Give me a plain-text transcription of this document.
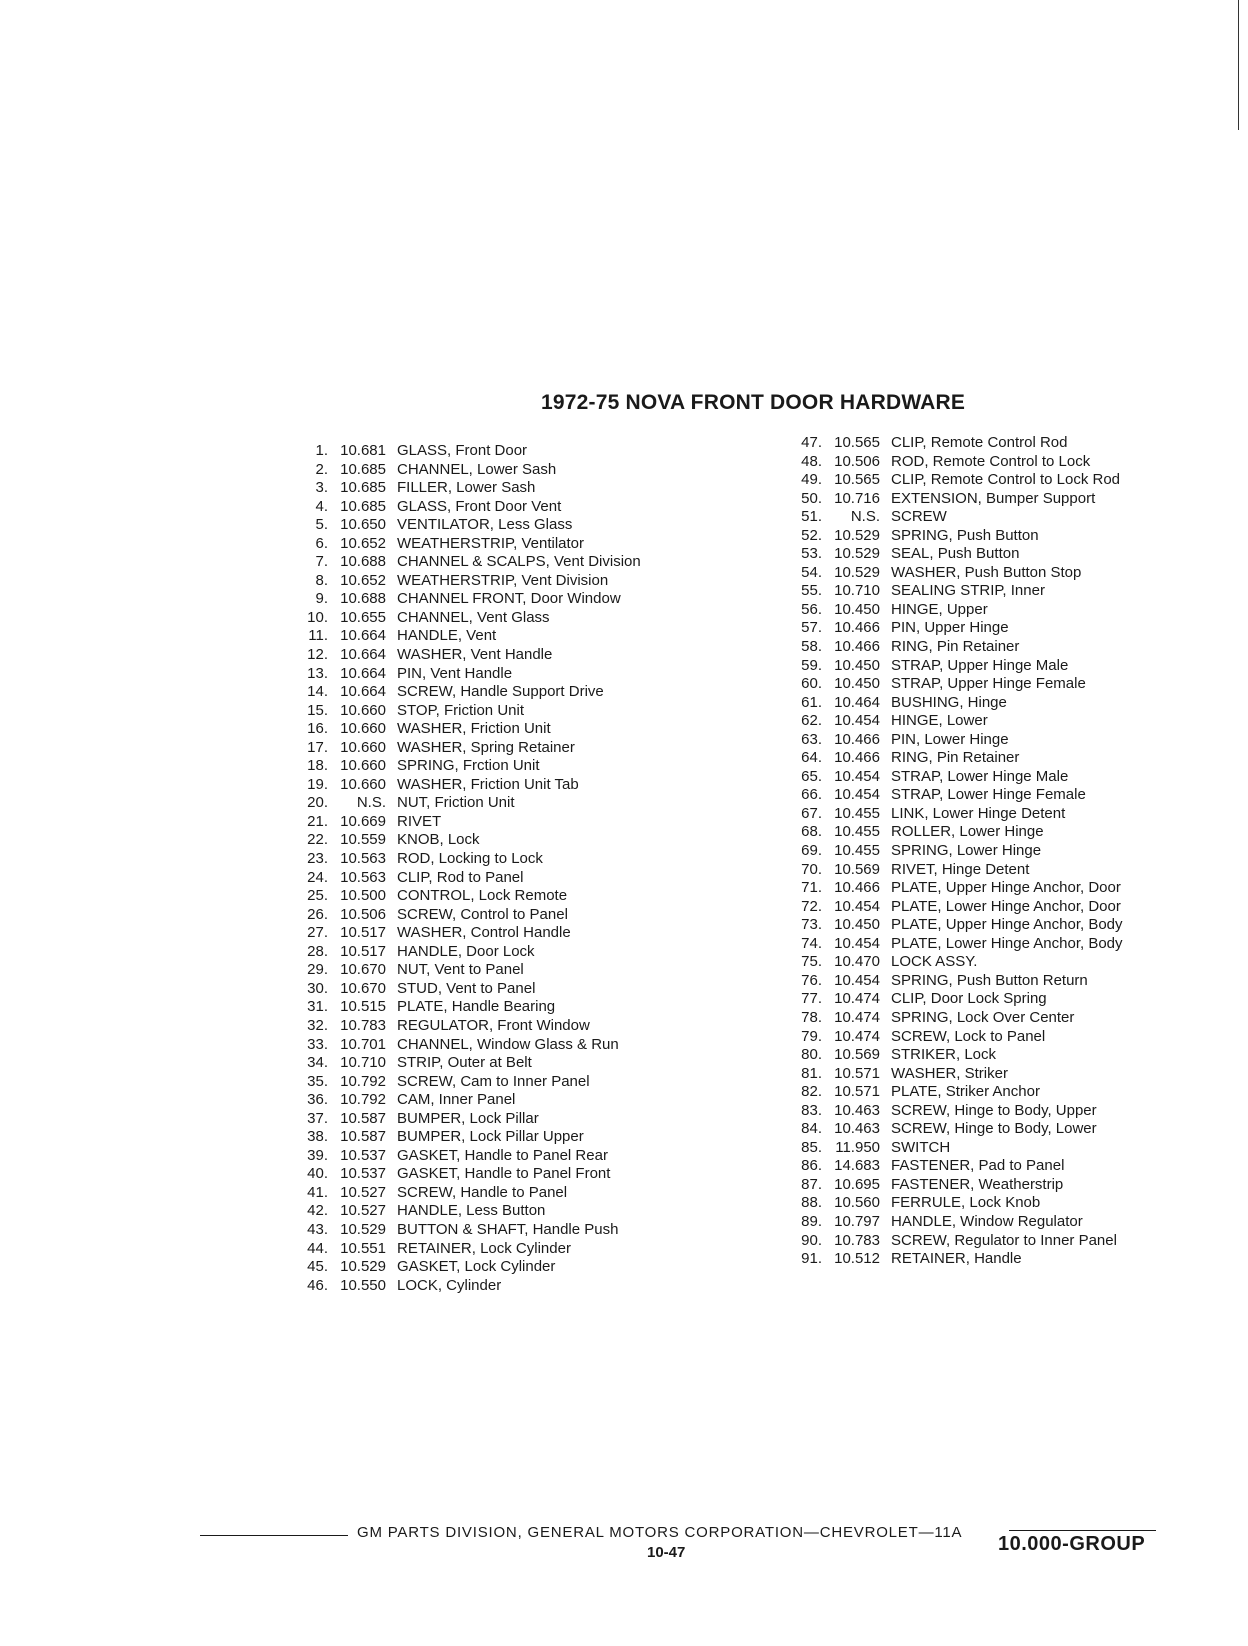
1972-75 NOVA FRONT DOOR HARDWARE
1. 10.681 GLASS, Front Door
2. 10.685 CHANNEL, Lower Sash
3. 10.685 FILLER, Lower Sash
4. 10.685 GLASS, Front Door Vent
5. 10.650 VENTILATOR, Less Glass
6. 10.652 WEATHERSTRIP, Ventilator
7. 10.688 CHANNEL & SCALPS, Vent Division
8. 10.652 WEATHERSTRIP, Vent Division
9. 10.688 CHANNEL FRONT, Door Window
10. 10.655 CHANNEL, Vent Glass
11. 10.664 HANDLE, Vent
12. 10.664 WASHER, Vent Handle
13. 10.664 PIN, Vent Handle
14. 10.664 SCREW, Handle Support Drive
15. 10.660 STOP, Friction Unit
16. 10.660 WASHER, Friction Unit
17. 10.660 WASHER, Spring Retainer
18. 10.660 SPRING, Frction Unit
19. 10.660 WASHER, Friction Unit Tab
20.	N.S. NUT, Friction Unit
21. 10.669 RIVET
22. 10.559 KNOB, Lock
23. 10.563 ROD, Locking to Lock
24. 10.563 CLIP, Rod to Panel
25. 10.500 CONTROL, Lock Remote
26. 10.506 SCREW, Control to Panel
27. 10.517 WASHER, Control Handle
28. 10.517 HANDLE, Door Lock
29. 10.670 NUT, Vent to Panel
30. 10.670 STUD, Vent to Panel
31. 10.515 PLATE, Handle Bearing
32. 10.783 REGULATOR, Front Window
33. 10.701 CHANNEL, Window Glass & Run
34. 10.710 STRIP, Outer at Belt
35. 10.792 SCREW, Cam to Inner Panel
36. 10.792 CAM, Inner Panel
37. 10.587 BUMPER, Lock Pillar
38. 10.587 BUMPER, Lock Pillar Upper
39. 10.537 GASKET, Handle to Panel Rear
40. 10.537 GASKET, Handle to Panel Front
41. 10.527 SCREW, Handle to Panel
42. 10.527 HANDLE, Less Button
43. 10.529 BUTTON & SHAFT, Handle Push
44. 10.551 RETAINER, Lock Cylinder
45. 10.529 GASKET, Lock Cylinder
46. 10.550 LOCK, Cylinder
47. 10.565 CLIP, Remote Control Rod
48. 10.506 ROD, Remote Control to Lock
49. 10.565 CLIP, Remote Control to Lock Rod
50. 10.716 EXTENSION, Bumper Support
51.	N.S. SCREW
52. 10.529 SPRING, Push Button
53. 10.529 SEAL, Push Button
54. 10.529 WASHER, Push Button Stop
55. 10.710 SEALING STRIP, Inner
56. 10.450 HINGE, Upper
57. 10.466 PIN, Upper Hinge
58. 10.466 RING, Pin Retainer
59. 10.450 STRAP, Upper Hinge Male
60. 10.450 STRAP, Upper Hinge Female
61. 10.464 BUSHING, Hinge
62. 10.454 HINGE, Lower
63. 10.466 PIN, Lower Hinge
64. 10.466 RING, Pin Retainer
65. 10.454 STRAP, Lower Hinge Male
66. 10.454 STRAP, Lower Hinge Female
67. 10.455 LINK, Lower Hinge Detent
68. 10.455 ROLLER, Lower Hinge
69. 10.455 SPRING, Lower Hinge
70. 10.569 RIVET, Hinge Detent
71. 10.466 PLATE, Upper Hinge Anchor, Door
72. 10.454 PLATE, Lower Hinge Anchor, Door
73. 10.450 PLATE, Upper Hinge Anchor, Body
74. 10.454 PLATE, Lower Hinge Anchor, Body
75. 10.470 LOCK ASSY.
76. 10.454 SPRING, Push Button Return
77. 10.474 CLIP, Door Lock Spring
78. 10.474 SPRING, Lock Over Center
79. 10.474 SCREW, Lock to Panel
80. 10.569 STRIKER, Lock
81. 10.571 WASHER, Striker
82. 10.571 PLATE, Striker Anchor
83. 10.463 SCREW, Hinge to Body, Upper
84. 10.463 SCREW, Hinge to Body, Lower
85. 11.950 SWITCH
86. 14.683 FASTENER, Pad to Panel
87. 10.695 FASTENER, Weatherstrip
88. 10.560 FERRULE, Lock Knob
89. 10.797 HANDLE, Window Regulator
90. 10.783 SCREW, Regulator to Inner Panel
91. 10.512 RETAINER, Handle
GM PARTS DIVISION, GENERAL MOTORS CORPORATION—CHEVROLET—11A
10-47	10.000-GROUP
